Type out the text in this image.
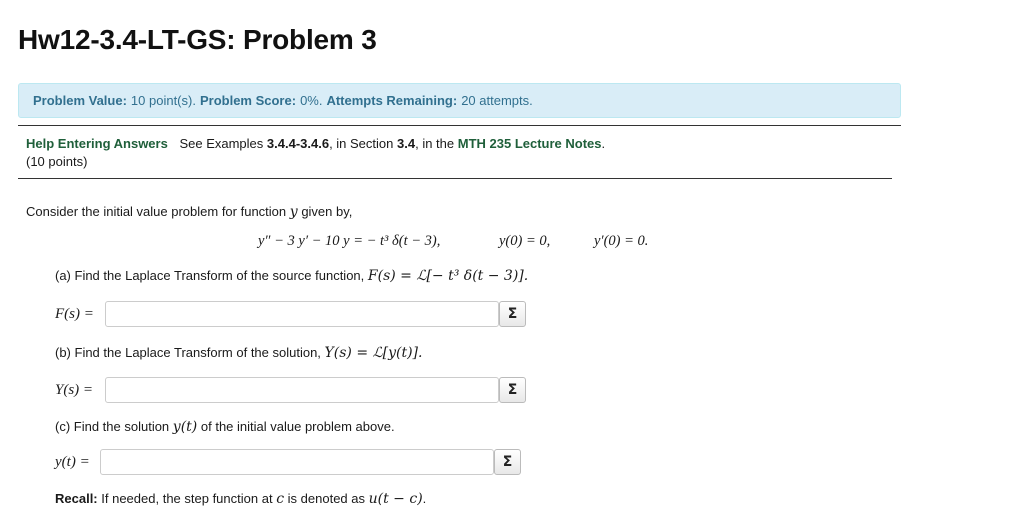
Hw12-3.4-LT-GS: Problem 3
Problem Value: 10 point(s). Problem Score: 0%. Attempts Remaining: 20 attempts.
Help Entering Answers See Examples 3.4.4-3.4.6, in Section 3.4, in the MTH 235 Lecture Notes.
(10 points)
Consider the initial value problem for function y given by,
y″ − 3 y′ − 10 y = − t³ δ(t − 3),	y(0) = 0,	y′(0) = 0.
(a) Find the Laplace Transform of the source function, F(s) = ℒ[− t³ δ(t − 3)].
F(s) =	Σ
(b) Find the Laplace Transform of the solution, Y(s) = ℒ[y(t)].
Y(s) =	Σ
(c) Find the solution y(t) of the initial value problem above.
y(t) =	Σ
Recall: If needed, the step function at c is denoted as u(t − c).
